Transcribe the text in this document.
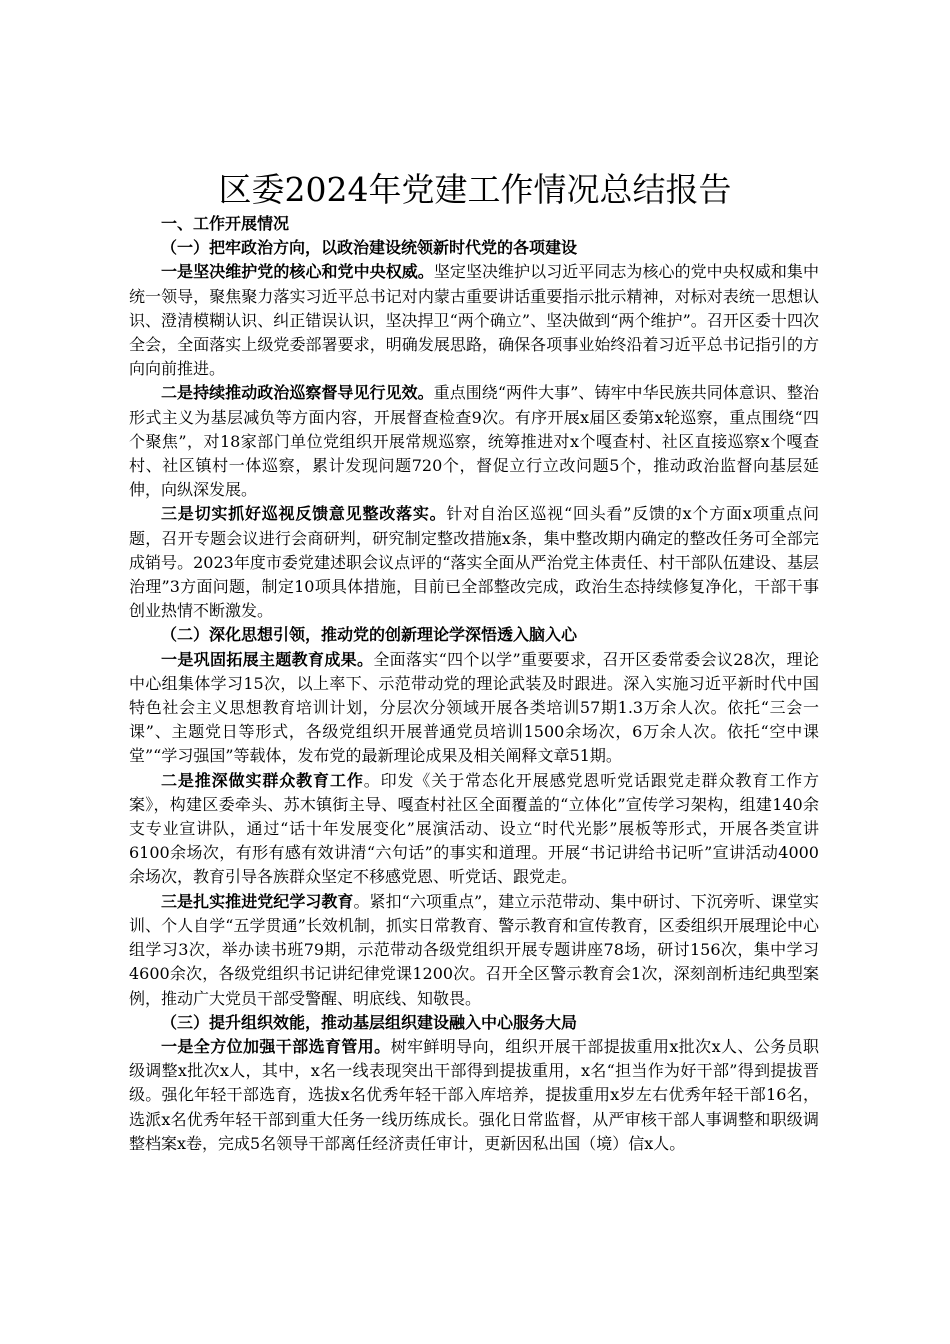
区委2024年党建工作情况总结报告

一、工作开展情况

（一）把牢政治方向，以政治建设统领新时代党的各项建设

一是坚决维护党的核心和党中央权威。坚定坚决维护以习近平同志为核心的党中央权威和集中统一领导，聚焦聚力落实习近平总书记对内蒙古重要讲话重要指示批示精神，对标对表统一思想认识、澄清模糊认识、纠正错误认识，坚决捍卫“两个确立”、坚决做到“两个维护”。召开区委十四次全会，全面落实上级党委部署要求，明确发展思路，确保各项事业始终沿着习近平总书记指引的方向向前推进。

二是持续推动政治巡察督导见行见效。重点围绕“两件大事”、铸牢中华民族共同体意识、整治形式主义为基层减负等方面内容，开展督查检查9次。有序开展x届区委第x轮巡察，重点围绕“四个聚焦”，对18家部门单位党组织开展常规巡察，统筹推进对x个嘎查村、社区直接巡察x个嘎查村、社区镇村一体巡察，累计发现问题720个，督促立行立改问题5个，推动政治监督向基层延伸，向纵深发展。

三是切实抓好巡视反馈意见整改落实。针对自治区巡视“回头看”反馈的x个方面x项重点问题，召开专题会议进行会商研判，研究制定整改措施x条，集中整改期内确定的整改任务可全部完成销号。2023年度市委党建述职会议点评的“落实全面从严治党主体责任、村干部队伍建设、基层治理”3方面问题，制定10项具体措施，目前已全部整改完成，政治生态持续修复净化，干部干事创业热情不断激发。

（二）深化思想引领，推动党的创新理论学深悟透入脑入心

一是巩固拓展主题教育成果。全面落实“四个以学”重要要求，召开区委常委会议28次，理论中心组集体学习15次，以上率下、示范带动党的理论武装及时跟进。深入实施习近平新时代中国特色社会主义思想教育培训计划，分层次分领域开展各类培训57期1.3万余人次。依托“三会一课”、主题党日等形式，各级党组织开展普通党员培训1500余场次，6万余人次。依托“空中课堂”“学习强国”等载体，发布党的最新理论成果及相关阐释文章51期。

二是推深做实群众教育工作。印发《关于常态化开展感党恩听党话跟党走群众教育工作方案》，构建区委牵头、苏木镇街主导、嘎查村社区全面覆盖的“立体化”宣传学习架构，组建140余支专业宣讲队，通过“话十年发展变化”展演活动、设立“时代光影”展板等形式，开展各类宣讲6100余场次，有形有感有效讲清“六句话”的事实和道理。开展“书记讲给书记听”宣讲活动4000余场次，教育引导各族群众坚定不移感党恩、听党话、跟党走。

三是扎实推进党纪学习教育。紧扣“六项重点”，建立示范带动、集中研讨、下沉旁听、课堂实训、个人自学“五学贯通”长效机制，抓实日常教育、警示教育和宣传教育，区委组织开展理论中心组学习3次，举办读书班79期，示范带动各级党组织开展专题讲座78场，研讨156次，集中学习4600余次，各级党组织书记讲纪律党课1200次。召开全区警示教育会1次，深刻剖析违纪典型案例，推动广大党员干部受警醒、明底线、知敬畏。

（三）提升组织效能，推动基层组织建设融入中心服务大局

一是全方位加强干部选育管用。树牢鲜明导向，组织开展干部提拔重用x批次x人、公务员职级调整x批次x人，其中，x名一线表现突出干部得到提拔重用，x名“担当作为好干部”得到提拔晋级。强化年轻干部选育，选拔x名优秀年轻干部入库培养，提拔重用x岁左右优秀年轻干部16名，选派x名优秀年轻干部到重大任务一线历练成长。强化日常监督，从严审核干部人事调整和职级调整档案x卷，完成5名领导干部离任经济责任审计，更新因私出国（境）信x人。
